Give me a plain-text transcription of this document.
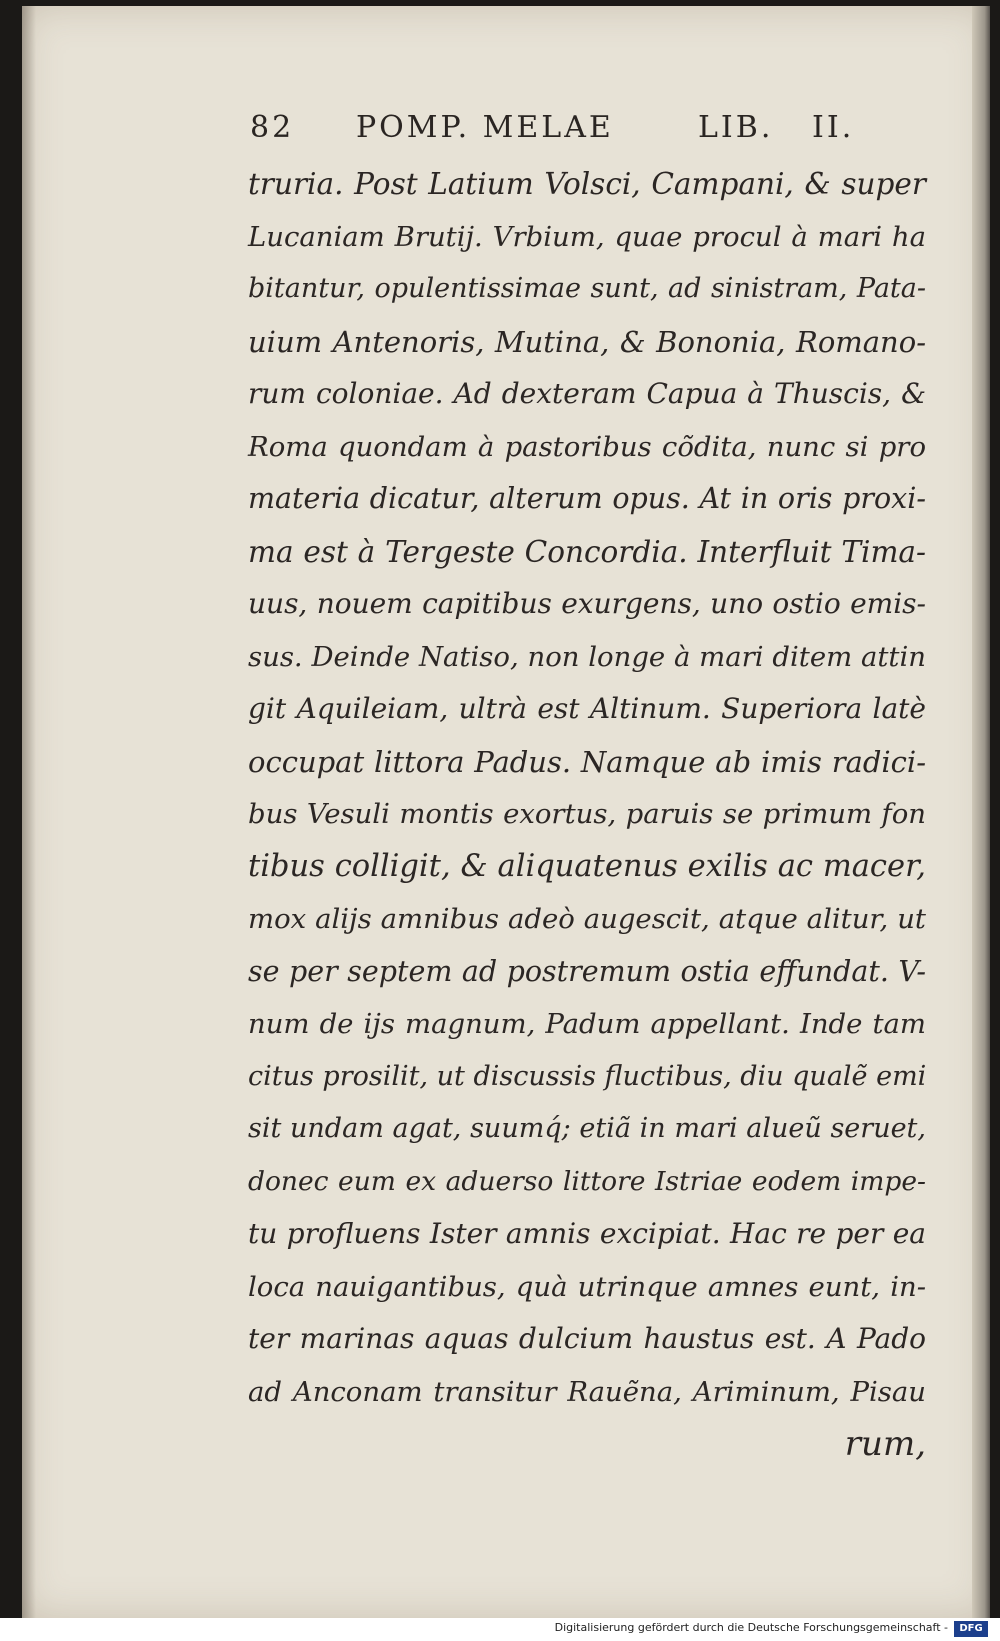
82 POMP. MELAE	LIB. II.
truria. Post Latium Volsci, Campani, & super
Lucaniam Brutij. Vrbium, quae procul à mari ha
bitantur, opulentissimae sunt, ad sinistram, Pata-
uium Antenoris, Mutina, & Bononia, Romano-
rum coloniae. Ad dexteram Capua à Thuscis, &
Roma quondam à pastoribus cõdita, nunc si pro
materia dicatur, alterum opus. At in oris proxi-
ma est à Tergeste Concordia. Interfluit Tima-
uus, nouem capitibus exurgens, uno ostio emis-
sus. Deinde Natiso, non longe à mari ditem attin
git Aquileiam, ultrà est Altinum. Superiora latè
occupat littora Padus. Namque ab imis radici-
bus Vesuli montis exortus, paruis se primum fon
tibus colligit, & aliquatenus exilis ac macer,
mox alijs amnibus adeò augescit, atque alitur, ut
se per septem ad postremum ostia effundat. V-
num de ijs magnum, Padum appellant. Inde tam
citus prosilit, ut discussis fluctibus, diu qualẽ emi
sit undam agat, suumq́; etiã in mari alueũ seruet,
donec eum ex aduerso littore Istriae eodem impe-
tu profluens Ister amnis excipiat. Hac re per ea
loca nauigantibus, quà utrinque amnes eunt, in-
ter marinas aquas dulcium haustus est. A Pado
ad Anconam transitur Rauẽna, Ariminum, Pisau
rum,
Digitalisierung gefördert durch die Deutsche Forschungsgemeinschaft -	DFG
